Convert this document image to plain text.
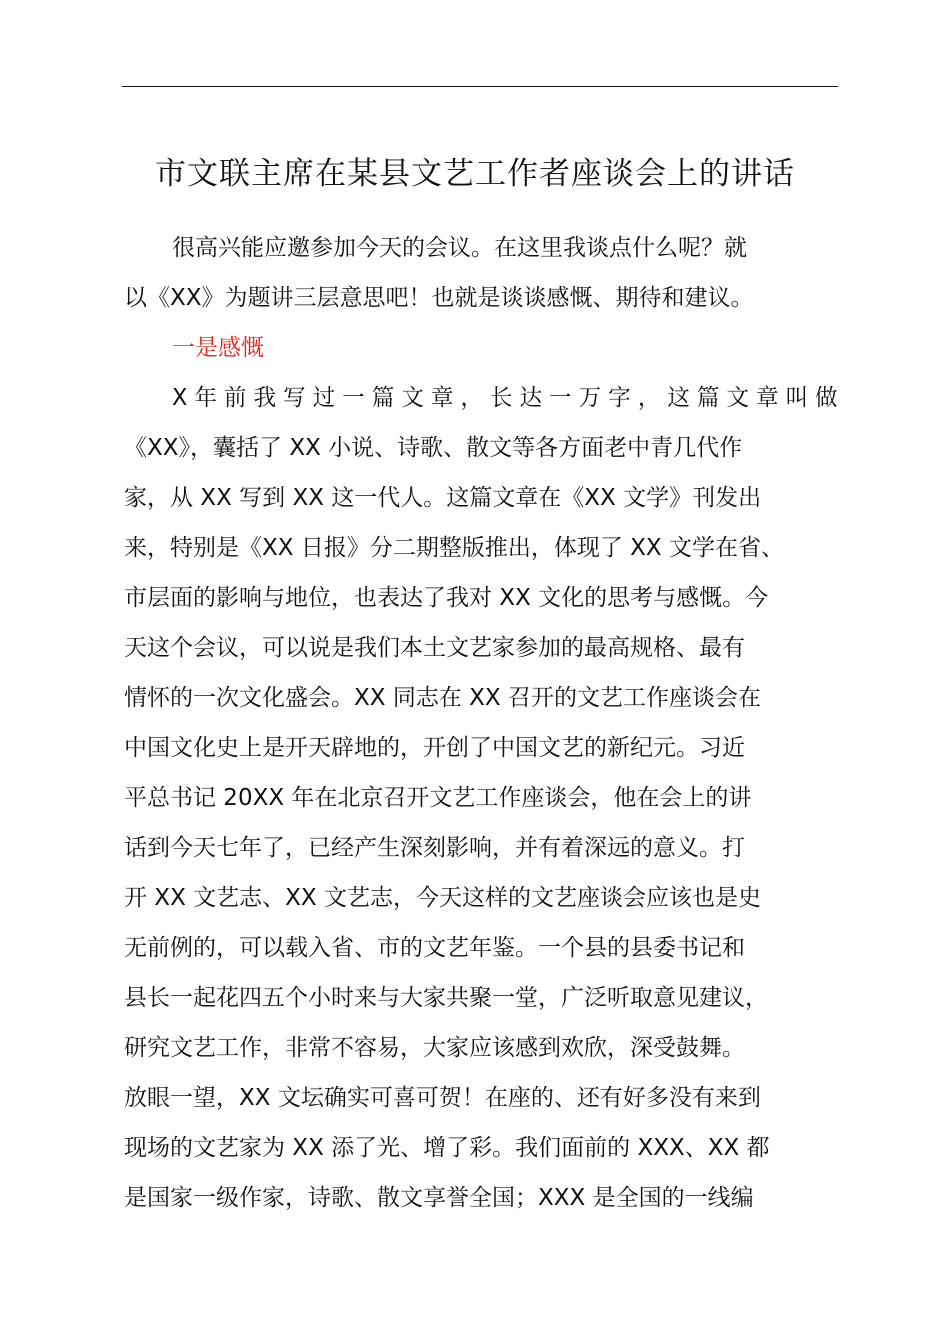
市文联主席在某县文艺工作者座谈会上的讲话
很高兴能应邀参加今天的会议。在这里我谈点什么呢？就
以《XX》为题讲三层意思吧！也就是谈谈感慨、期待和建议。
一是感慨
X 年 前 我 写 过 一 篇 文 章 ， 长 达 一 万 字 ， 这 篇 文 章 叫 做
《XX》，囊括了 XX 小说、诗歌、散文等各方面老中青几代作
家，从 XX 写到 XX 这一代人。这篇文章在《XX 文学》刊发出
来，特别是《XX 日报》分二期整版推出，体现了 XX 文学在省、
市层面的影响与地位，也表达了我对 XX 文化的思考与感慨。今
天这个会议，可以说是我们本土文艺家参加的最高规格、最有
情怀的一次文化盛会。XX 同志在 XX 召开的文艺工作座谈会在
中国文化史上是开天辟地的，开创了中国文艺的新纪元。习近
平总书记 20XX 年在北京召开文艺工作座谈会，他在会上的讲
话到今天七年了，已经产生深刻影响，并有着深远的意义。打
开 XX 文艺志、XX 文艺志，今天这样的文艺座谈会应该也是史
无前例的，可以载入省、市的文艺年鉴。一个县的县委书记和
县长一起花四五个小时来与大家共聚一堂，广泛听取意见建议，
研究文艺工作，非常不容易，大家应该感到欢欣，深受鼓舞。
放眼一望，XX 文坛确实可喜可贺！在座的、还有好多没有来到
现场的文艺家为 XX 添了光、增了彩。我们面前的 XXX、XX 都
是国家一级作家，诗歌、散文享誉全国；XXX 是全国的一线编
